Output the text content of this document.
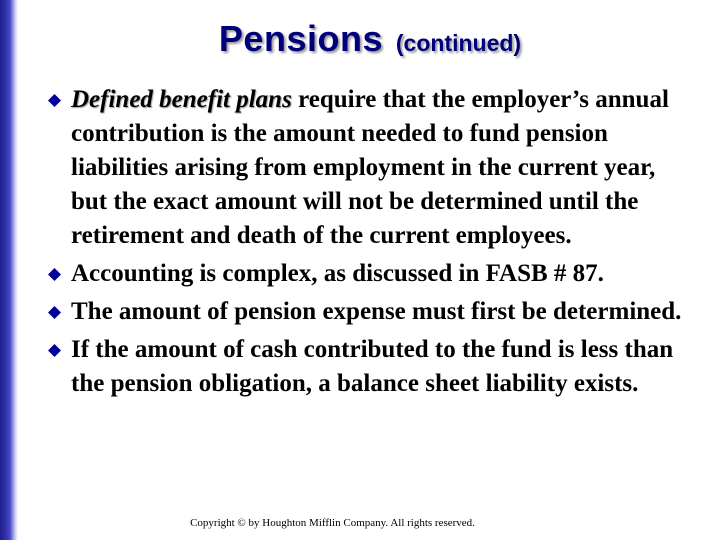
Pensions (continued)
Defined benefit plans require that the employer’s annual contribution is the amount needed to fund pension liabilities arising from employment in the current year, but the exact amount will not be determined until the retirement and death of the current employees.
Accounting is complex, as discussed in FASB # 87.
The amount of pension expense must first be determined.
If the amount of cash contributed to the fund is less than the pension obligation, a balance sheet liability exists.
Copyright © by Houghton Mifflin Company. All rights reserved.
